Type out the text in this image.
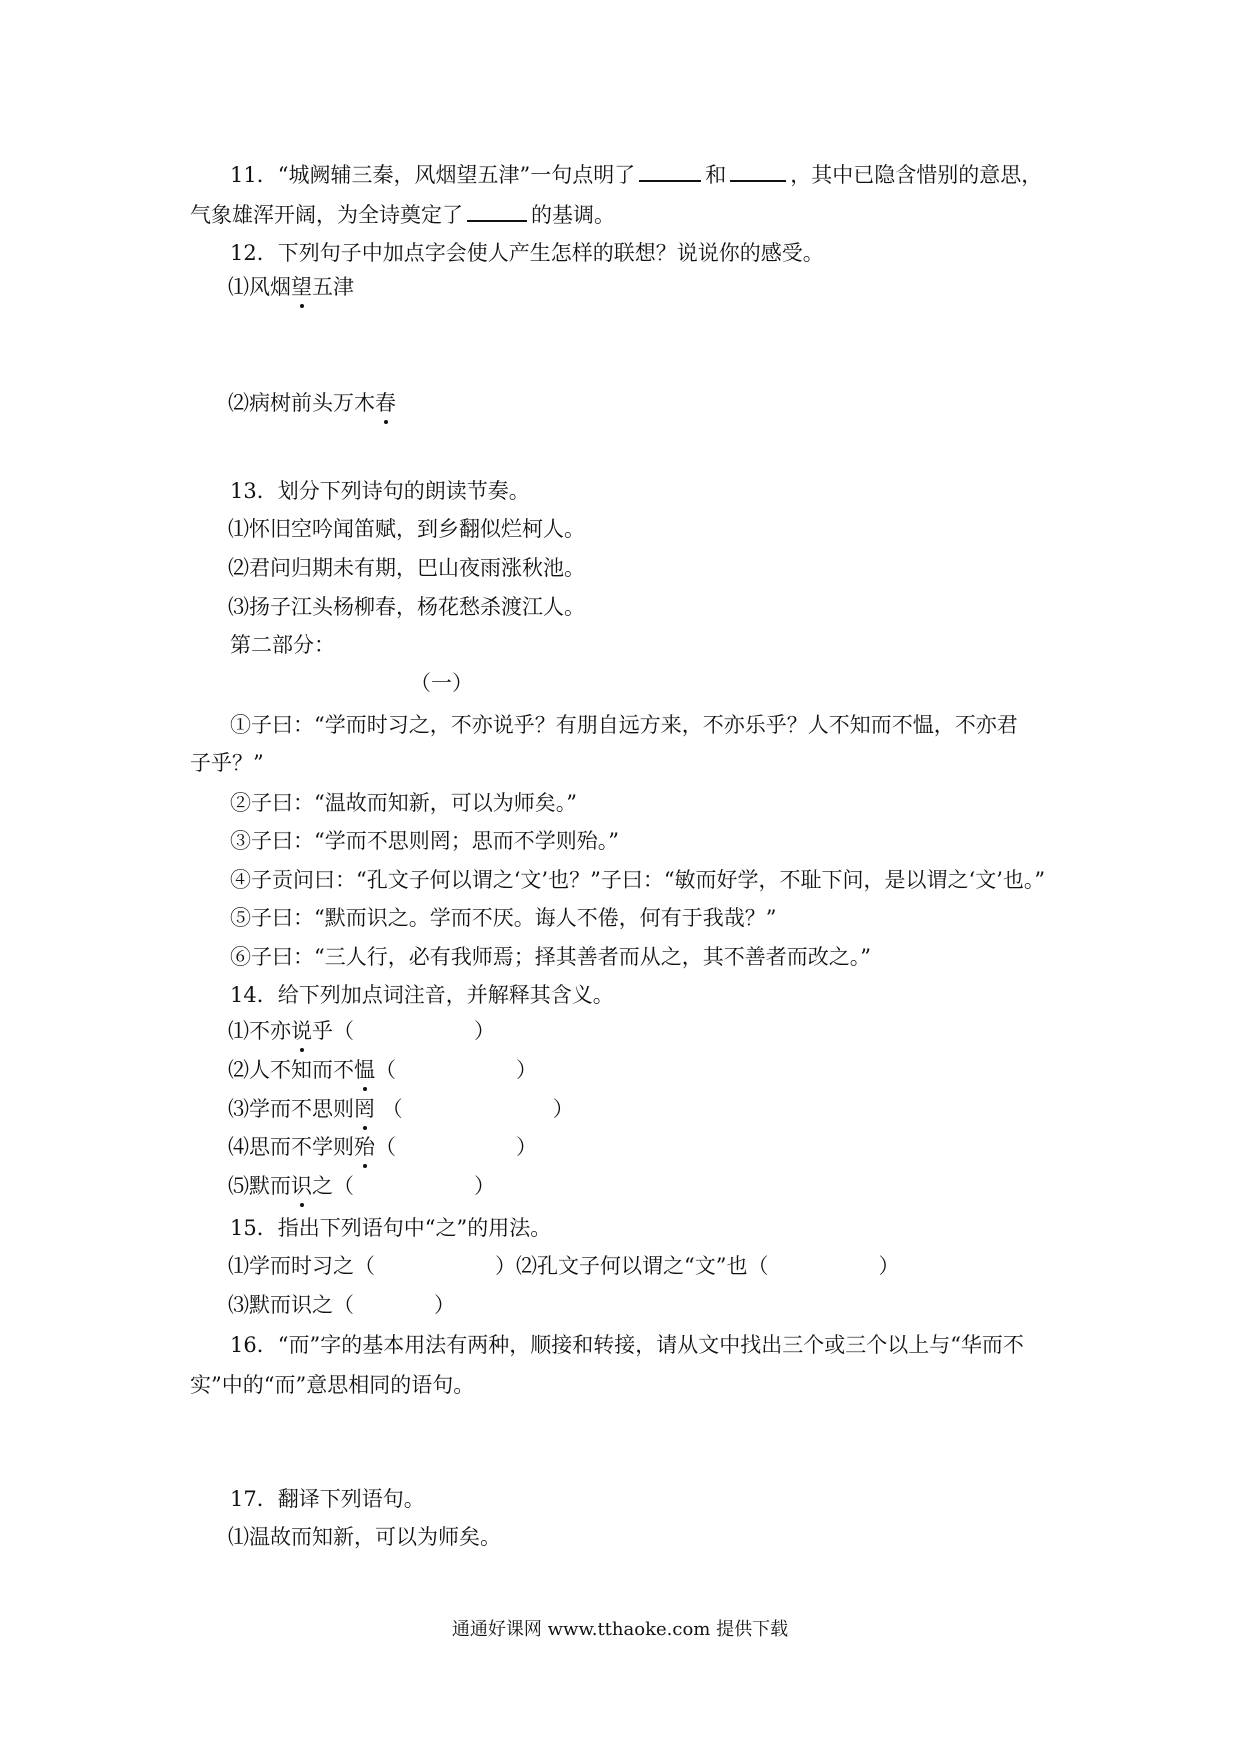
11．“城阙辅三秦，风烟望五津”一句点明了	和	，其中已隐含惜别的意思，
气象雄浑开阔，为全诗奠定了	的基调。
12．下列句子中加点字会使人产生怎样的联想？说说你的感受。
⑴风烟望五津
⑵病树前头万木春
13．划分下列诗句的朗读节奏。
⑴怀旧空吟闻笛赋，到乡翻似烂柯人。
⑵君问归期未有期，巴山夜雨涨秋池。
⑶扬子江头杨柳春，杨花愁杀渡江人。
第二部分：
（一）
①子曰：“学而时习之，不亦说乎？有朋自远方来，不亦乐乎？人不知而不愠，不亦君
子乎？”
②子曰：“温故而知新，可以为师矣。”
③子曰：“学而不思则罔；思而不学则殆。”
④子贡问曰：“孔文子何以谓之‘文’也？”子曰：“敏而好学，不耻下问，是以谓之‘文’也。”
⑤子曰：“默而识之。学而不厌。诲人不倦，何有于我哉？”
⑥子曰：“三人行，必有我师焉；择其善者而从之，其不善者而改之。”
14．给下列加点词注音，并解释其含义。
⑴不亦说乎（	）
⑵人不知而不愠（	）
⑶学而不思则罔 （	）
⑷思而不学则殆（	）
⑸默而识之（	）
15．指出下列语句中“之”的用法。
⑴学而时习之（	）⑵孔文子何以谓之“文”也（	）
⑶默而识之（	）
16．“而”字的基本用法有两种，顺接和转接，请从文中找出三个或三个以上与“华而不
实”中的“而”意思相同的语句。
17．翻译下列语句。
⑴温故而知新，可以为师矣。
通通好课网 www.tthaoke.com 提供下载
